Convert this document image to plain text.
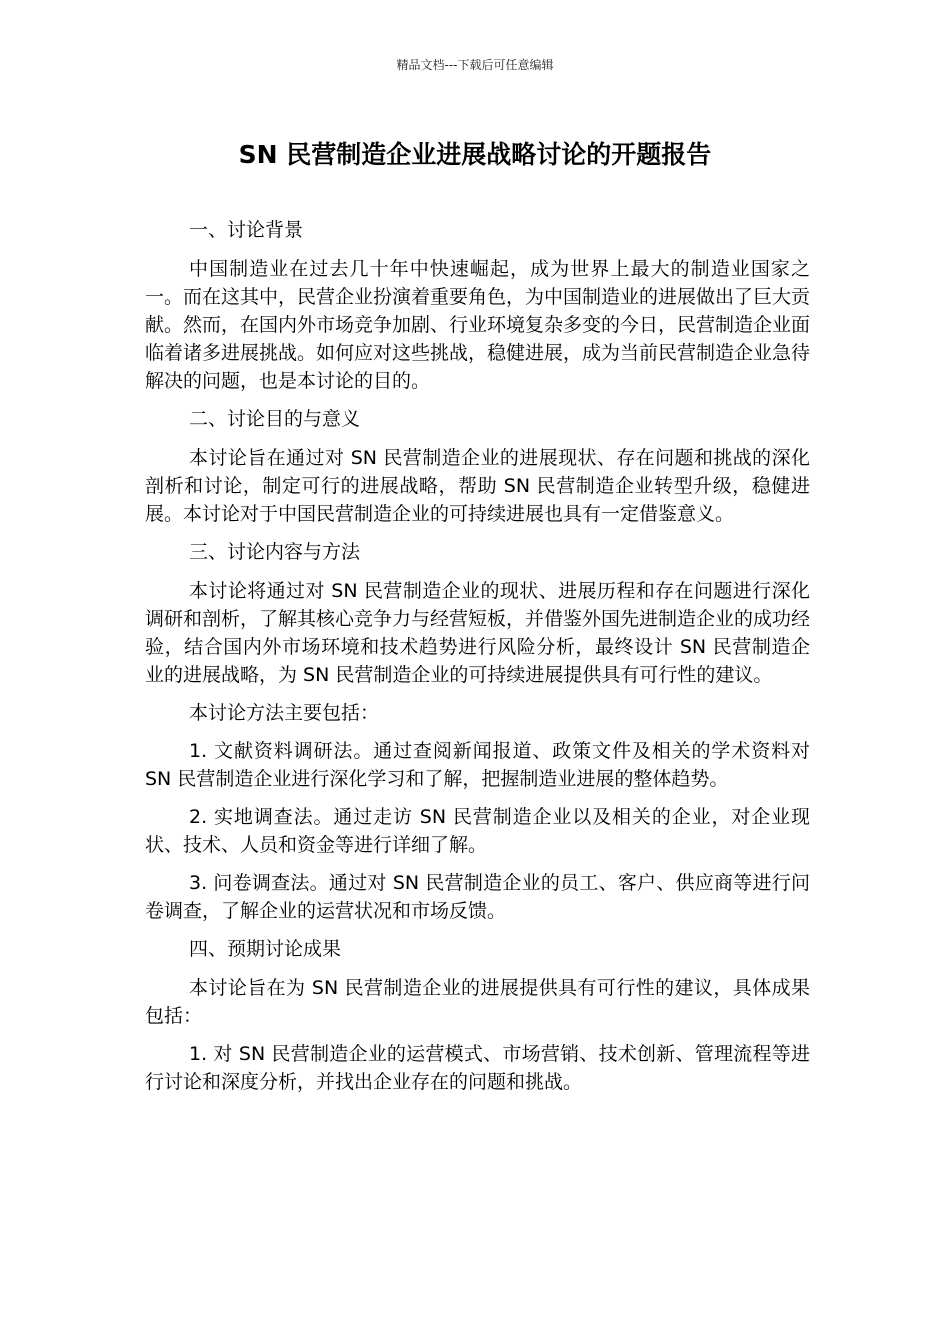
精品文档---下载后可任意编辑
SN 民营制造企业进展战略讨论的开题报告

一、讨论背景

中国制造业在过去几十年中快速崛起，成为世界上最大的制造业国家之一。而在这其中，民营企业扮演着重要角色，为中国制造业的进展做出了巨大贡献。然而，在国内外市场竞争加剧、行业环境复杂多变的今日，民营制造企业面临着诸多进展挑战。如何应对这些挑战，稳健进展，成为当前民营制造企业急待解决的问题，也是本讨论的目的。

二、讨论目的与意义

本讨论旨在通过对 SN 民营制造企业的进展现状、存在问题和挑战的深化剖析和讨论，制定可行的进展战略，帮助 SN 民营制造企业转型升级，稳健进展。本讨论对于中国民营制造企业的可持续进展也具有一定借鉴意义。

三、讨论内容与方法

本讨论将通过对 SN 民营制造企业的现状、进展历程和存在问题进行深化调研和剖析，了解其核心竞争力与经营短板，并借鉴外国先进制造企业的成功经验，结合国内外市场环境和技术趋势进行风险分析，最终设计 SN 民营制造企业的进展战略，为 SN 民营制造企业的可持续进展提供具有可行性的建议。

本讨论方法主要包括：

1. 文献资料调研法。通过查阅新闻报道、政策文件及相关的学术资料对 SN 民营制造企业进行深化学习和了解，把握制造业进展的整体趋势。

2. 实地调查法。通过走访 SN 民营制造企业以及相关的企业，对企业现状、技术、人员和资金等进行详细了解。

3. 问卷调查法。通过对 SN 民营制造企业的员工、客户、供应商等进行问卷调查，了解企业的运营状况和市场反馈。

四、预期讨论成果

本讨论旨在为 SN 民营制造企业的进展提供具有可行性的建议，具体成果包括：

1. 对 SN 民营制造企业的运营模式、市场营销、技术创新、管理流程等进行讨论和深度分析，并找出企业存在的问题和挑战。
